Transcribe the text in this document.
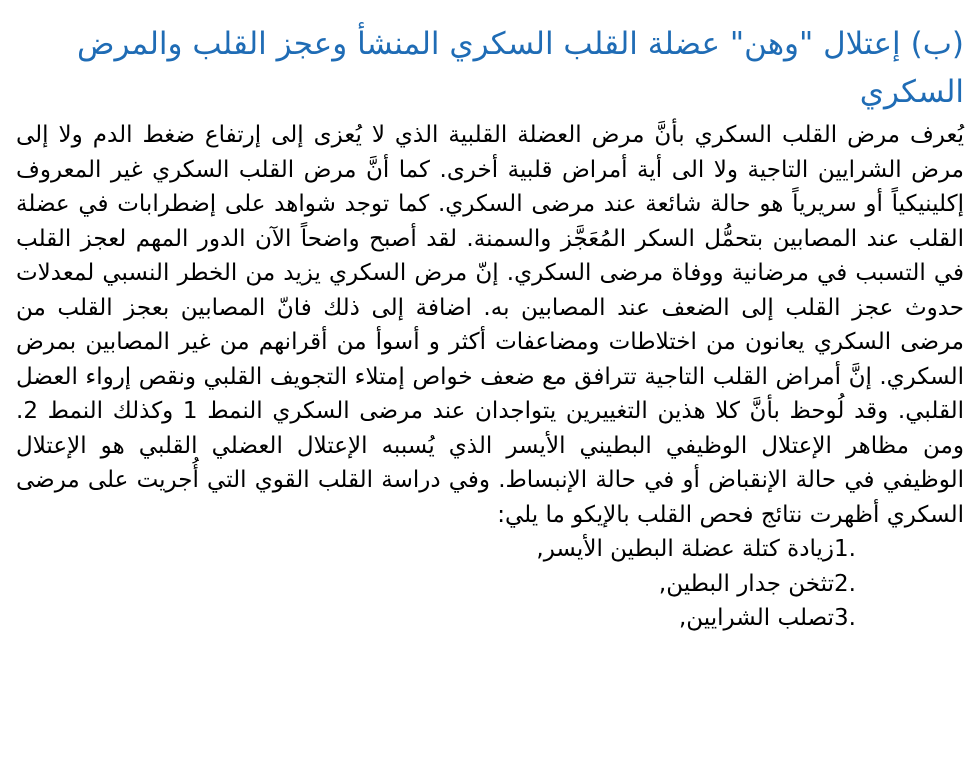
(ب)إعتلال "وهن" عضلة القلب السكري المنشأ وعجز القلب والمرض السكري

يُعرف مرض القلب السكري بأنَّ مرض العضلة القلبية الذي لا يُعزى إلى إرتفاع ضغط الدم ولا إلى مرض الشرايين التاجية ولا الى أية أمراض قلبية أخرى. كما أنَّ مرض القلب السكري غير المعروف إكلينيكياً أو سريرياً هو حالة شائعة عند مرضى السكري. كما توجد شواهد على إضطرابات في عضلة القلب عند المصابين بتحمُّل السكر المُعَجَّز والسمنة. لقد أصبح واضحاً الآن الدور المهم لعجز القلب في التسبب في مرضانية ووفاة مرضى السكري. إنّ مرض السكري يزيد من الخطر النسبي لمعدلات حدوث عجز القلب إلى الضعف عند المصابين به. اضافة إلى ذلك فانّ المصابين بعجز القلب من مرضى السكري يعانون من اختلاطات ومضاعفات أكثر و أسوأ من أقرانهم من غير المصابين بمرض السكري. إنَّ أمراض القلب التاجية تترافق مع ضعف خواص إمتلاء التجويف القلبي ونقص إرواء العضل القلبي. وقد لُوحظ بأنَّ كلا هذين التغييرين يتواجدان عند مرضى السكري النمط 1 وكذلك النمط 2. ومن مظاهر الإعتلال الوظيفي البطيني الأيسر الذي يُسببه الإعتلال العضلي القلبي هو الإعتلال الوظيفي في حالة الإنقباض أو في حالة الإنبساط. وفي دراسة القلب القوي التي أُجريت على مرضى السكري أظهرت نتائج فحص القلب بالإيكو ما يلي:

1.
زيادة كتلة عضلة البطين الأيسر,
2.
تثخن جدار البطين,
3.
تصلب الشرايين,
